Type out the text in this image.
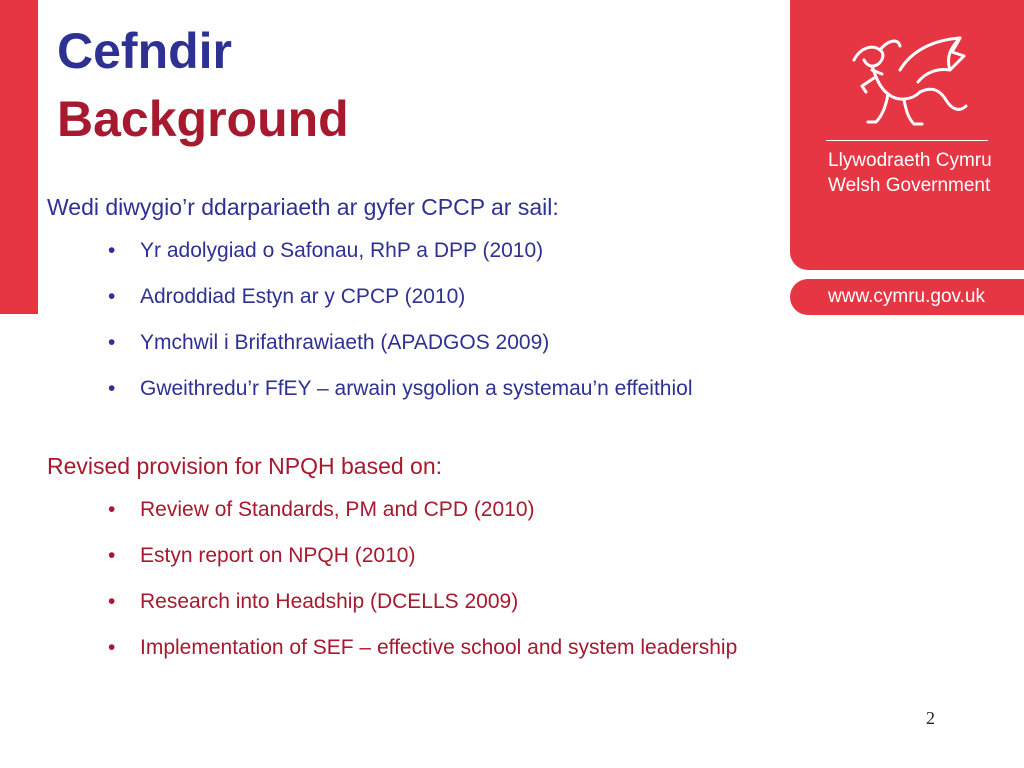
Llywodraeth Cymru
Welsh Government
www.cymru.gov.uk
Cefndir
Background

Wedi diwygio’r ddarpariaeth ar gyfer CPCP ar sail:

• Yr adolygiad o Safonau, RhP a DPP (2010)
• Adroddiad Estyn ar y CPCP (2010)
• Ymchwil i Brifathrawiaeth (APADGOS 2009)
• Gweithredu’r FfEY – arwain ysgolion a systemau’n effeithiol

Revised provision for NPQH based on:

• Review of Standards, PM and CPD (2010)
• Estyn report on NPQH (2010)
• Research into Headship (DCELLS 2009)
• Implementation of SEF – effective school and system leadership
2
